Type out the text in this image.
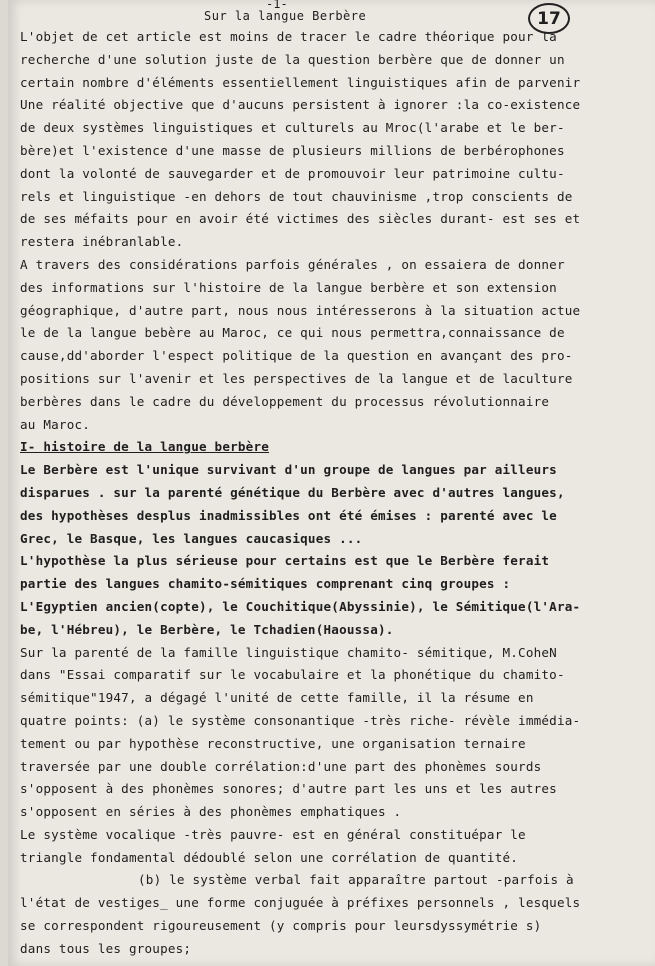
-1-
Sur la langue Berbère	17
L'objet de cet article est moins de tracer le cadre théorique pour la
recherche d'une solution juste de la question berbère que de donner un
certain nombre d'éléments essentiellement linguistiques afin de parvenir
Une réalité objective que d'aucuns persistent à ignorer :la co-existence
de deux systèmes linguistiques et culturels au Mroc(l'arabe et le ber-
bère)et l'existence d'une masse de plusieurs millions de berbérophones
dont la volonté de sauvegarder et de promouvoir leur patrimoine cultu-
rels et linguistique -en dehors de tout chauvinisme ,trop conscients de
de ses méfaits pour en avoir été victimes des siècles durant- est ses et
restera inébranlable.
A travers des considérations parfois générales , on essaiera de donner
des informations sur l'histoire de la langue berbère et son extension
géographique, d'autre part, nous nous intéresserons à la situation actue
le de la langue bebère au Maroc, ce qui nous permettra,connaissance de
cause,dd'aborder l'espect politique de la question en avançant des pro-
positions sur l'avenir et les perspectives de la langue et de laculture
berbères dans le cadre du développement du processus révolutionnaire
au Maroc.
I- histoire de la langue berbère
Le Berbère est l'unique survivant d'un groupe de langues par ailleurs
disparues . sur la parenté génétique du Berbère avec d'autres langues,
des hypothèses desplus inadmissibles ont été émises : parenté avec le
Grec, le Basque, les langues caucasiques ...
L'hypothèse la plus sérieuse pour certains est que le Berbère ferait
partie des langues chamito-sémitiques comprenant cinq groupes :
L'Egyptien ancien(copte), le Couchitique(Abyssinie), le Sémitique(l'Ara-
be, l'Hébreu), le Berbère, le Tchadien(Haoussa).
Sur la parenté de la famille linguistique chamito- sémitique, M.CoheN
dans "Essai comparatif sur le vocabulaire et la phonétique du chamito-
sémitique"1947, a dégagé l'unité de cette famille, il la résume en
quatre points: (a) le système consonantique -très riche- révèle immédia-
tement ou par hypothèse reconstructive, une organisation ternaire
traversée par une double corrélation:d'une part des phonèmes sourds
s'opposent à des phonèmes sonores; d'autre part les uns et les autres
s'opposent en séries à des phonèmes emphatiques .
Le système vocalique -très pauvre- est en général constituépar le
triangle fondamental dédoublé selon une corrélation de quantité.
(b) le système verbal fait apparaître partout -parfois à
l'état de vestiges_ une forme conjuguée à préfixes personnels , lesquels
se correspondent rigoureusement (y compris pour leursdyssymétrie s)
dans tous les groupes;
